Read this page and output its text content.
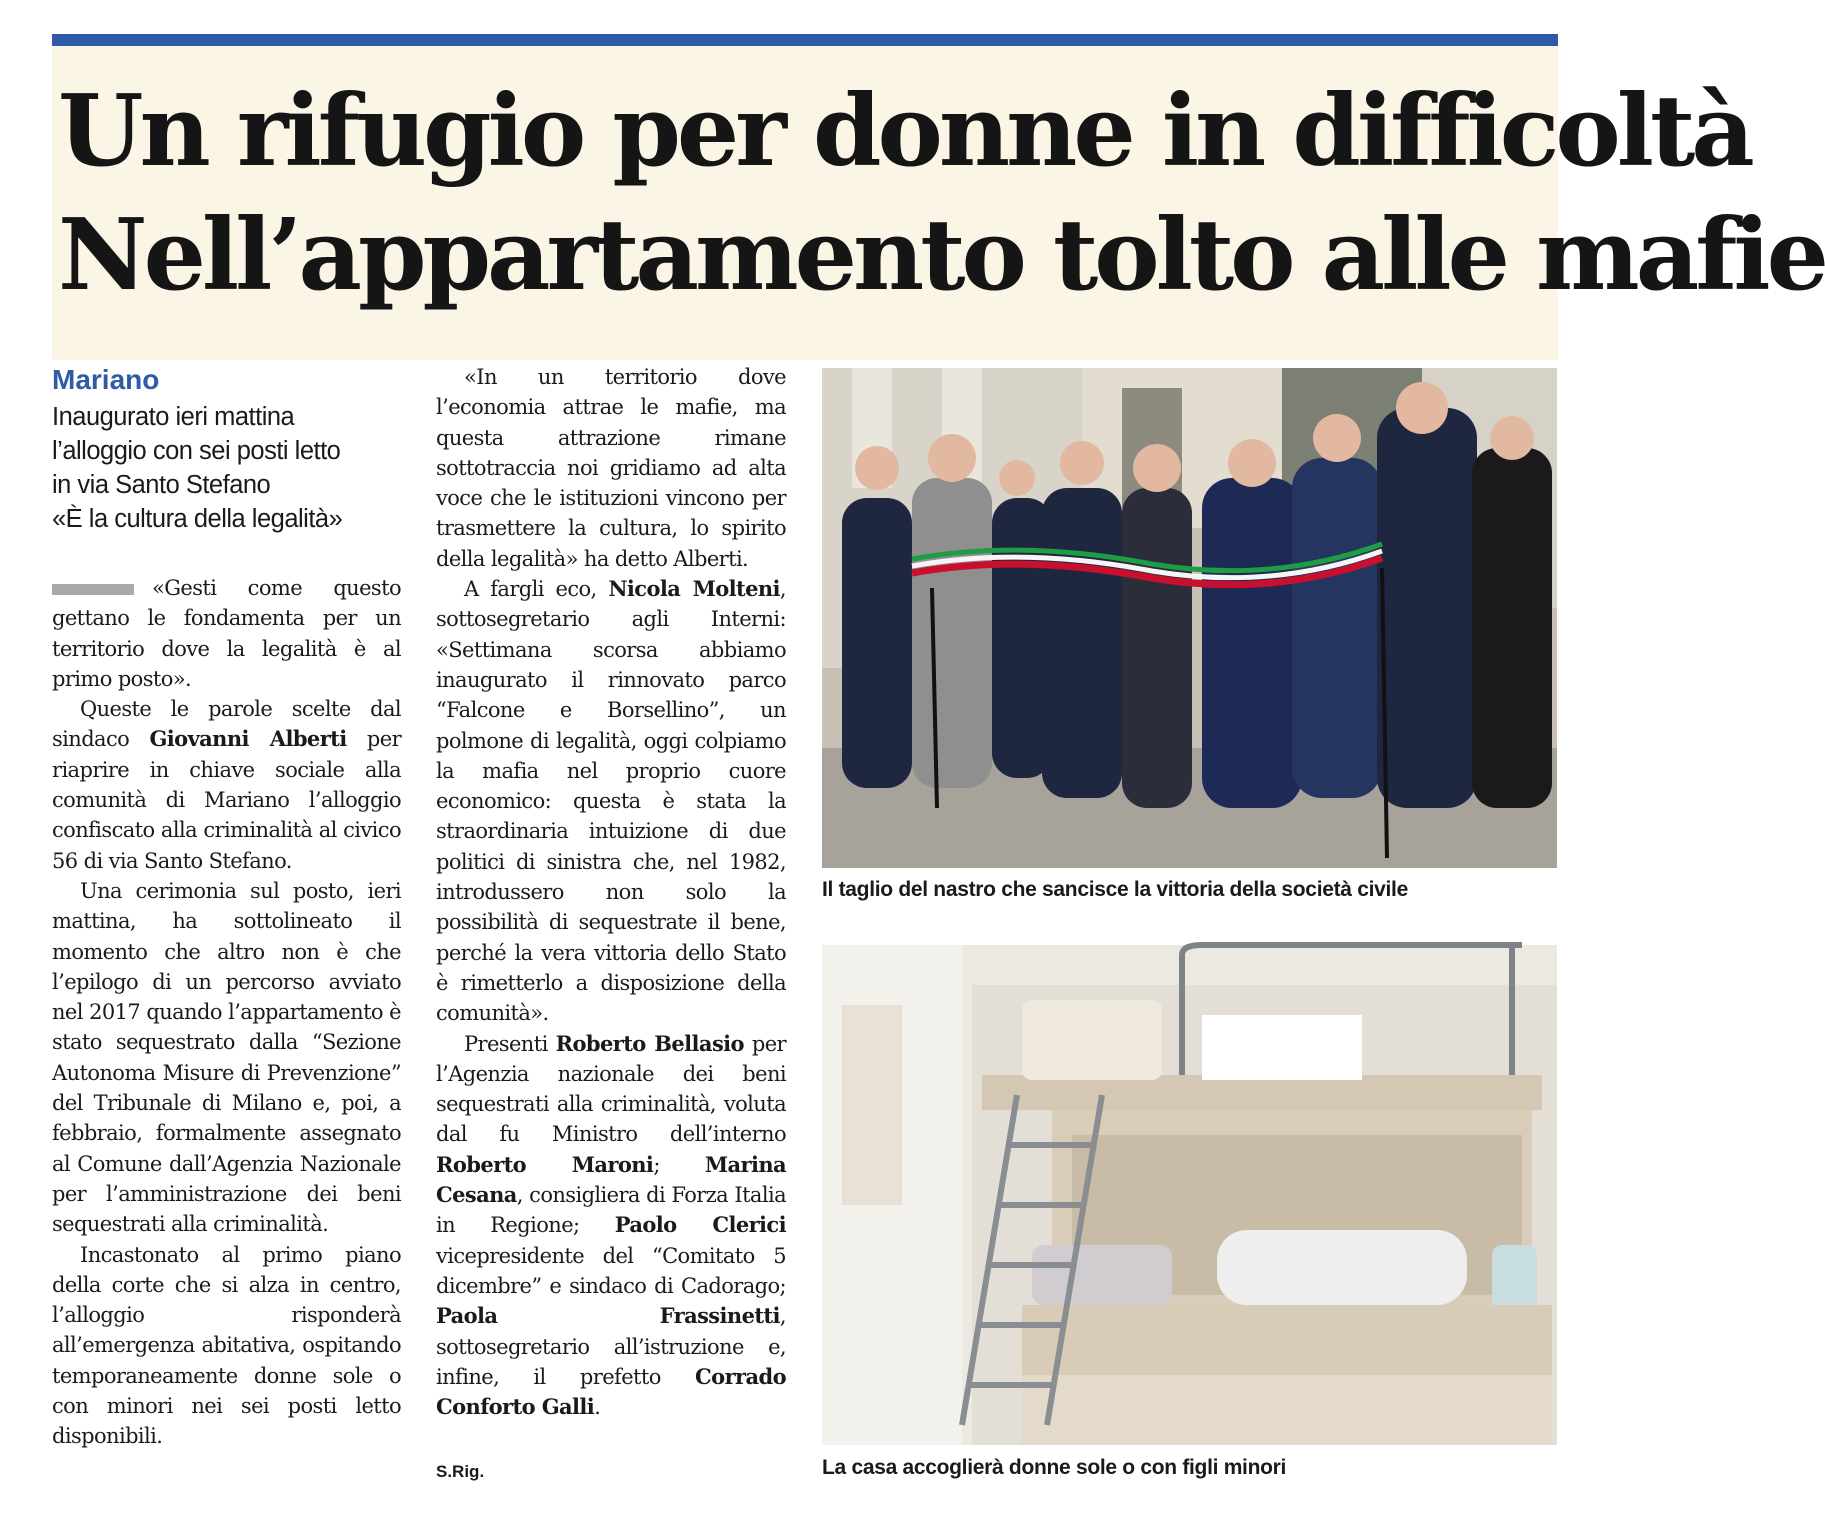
Un rifugio per donne in difficoltà
Nell’appartamento tolto alle mafie
Mariano
Inaugurato ieri mattina
l’alloggio con sei posti letto
in via Santo Stefano
«È la cultura della legalità»

«Gesti come questo gettano le fondamenta per un territorio dove la legalità è al primo posto».

Queste le parole scelte dal sindaco Giovanni Alberti per riaprire in chiave sociale alla comunità di Mariano l’alloggio confiscato alla criminalità al civico 56 di via Santo Stefano.

Una cerimonia sul posto, ieri mattina, ha sottolineato il momento che altro non è che l’epilogo di un percorso avviato nel 2017 quando l’appartamento è stato sequestrato dalla “Sezione Autonoma Misure di Prevenzione” del Tribunale di Milano e, poi, a febbraio, formalmente assegnato al Comune dall’Agenzia Nazionale per l’amministrazione dei beni sequestrati alla criminalità.

Incastonato al primo piano della corte che si alza in centro, l’alloggio risponderà all’emergenza abitativa, ospitando temporaneamente donne sole o con minori nei sei posti letto disponibili.

«In un territorio dove l’economia attrae le mafie, ma questa attrazione rimane sottotraccia noi gridiamo ad alta voce che le istituzioni vincono per trasmettere la cultura, lo spirito della legalità» ha detto Alberti.

A fargli eco, Nicola Molteni, sottosegretario agli Interni: «Settimana scorsa abbiamo inaugurato il rinnovato parco “Falcone e Borsellino”, un polmone di legalità, oggi colpiamo la mafia nel proprio cuore economico: questa è stata la straordinaria intuizione di due politici di sinistra che, nel 1982, introdussero non solo la possibilità di sequestrate il bene, perché la vera vittoria dello Stato è rimetterlo a disposizione della comunità».

Presenti Roberto Bellasio per l’Agenzia nazionale dei beni sequestrati alla criminalità, voluta dal fu Ministro dell’interno Roberto Maroni; Marina Cesana, consigliera di Forza Italia in Regione; Paolo Clerici vicepresidente del “Comitato 5 dicembre” e sindaco di Cadorago; Paola Frassinetti, sottosegretario all’istruzione e, infine, il prefetto Corrado Conforto Galli.

S.Rig.
Il taglio del nastro che sancisce la vittoria della società civile
La casa accoglierà donne sole o con figli minori
